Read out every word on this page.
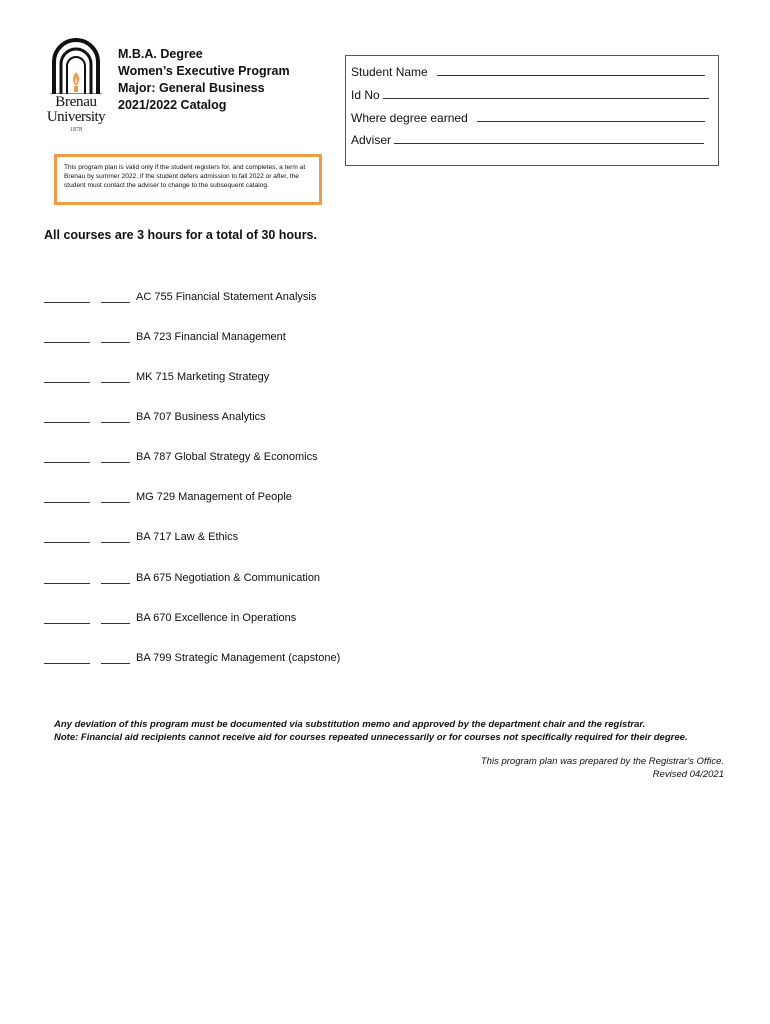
Brenau
University
1878
M.B.A. Degree
Women’s Executive Program
Major: General Business
2021/2022 Catalog
Student Name
Id No
Where degree earned
Adviser
This program plan is valid only if the student registers for, and completes, a term at Brenau by summer 2022. If the student defers admission to fall 2022 or after, the student must contact the adviser to change to the subsequent catalog.
All courses are 3 hours for a total of 30 hours.
AC 755 Financial Statement Analysis
BA 723 Financial Management
MK 715 Marketing Strategy
BA 707 Business Analytics
BA 787 Global Strategy & Economics
MG 729 Management of People
BA 717 Law & Ethics
BA 675 Negotiation & Communication
BA 670 Excellence in Operations
BA 799 Strategic Management (capstone)
Any deviation of this program must be documented via substitution memo and approved by the department chair and the registrar.
Note: Financial aid recipients cannot receive aid for courses repeated unnecessarily or for courses not specifically required for their degree.
This program plan was prepared by the Registrar's Office.
Revised 04/2021
